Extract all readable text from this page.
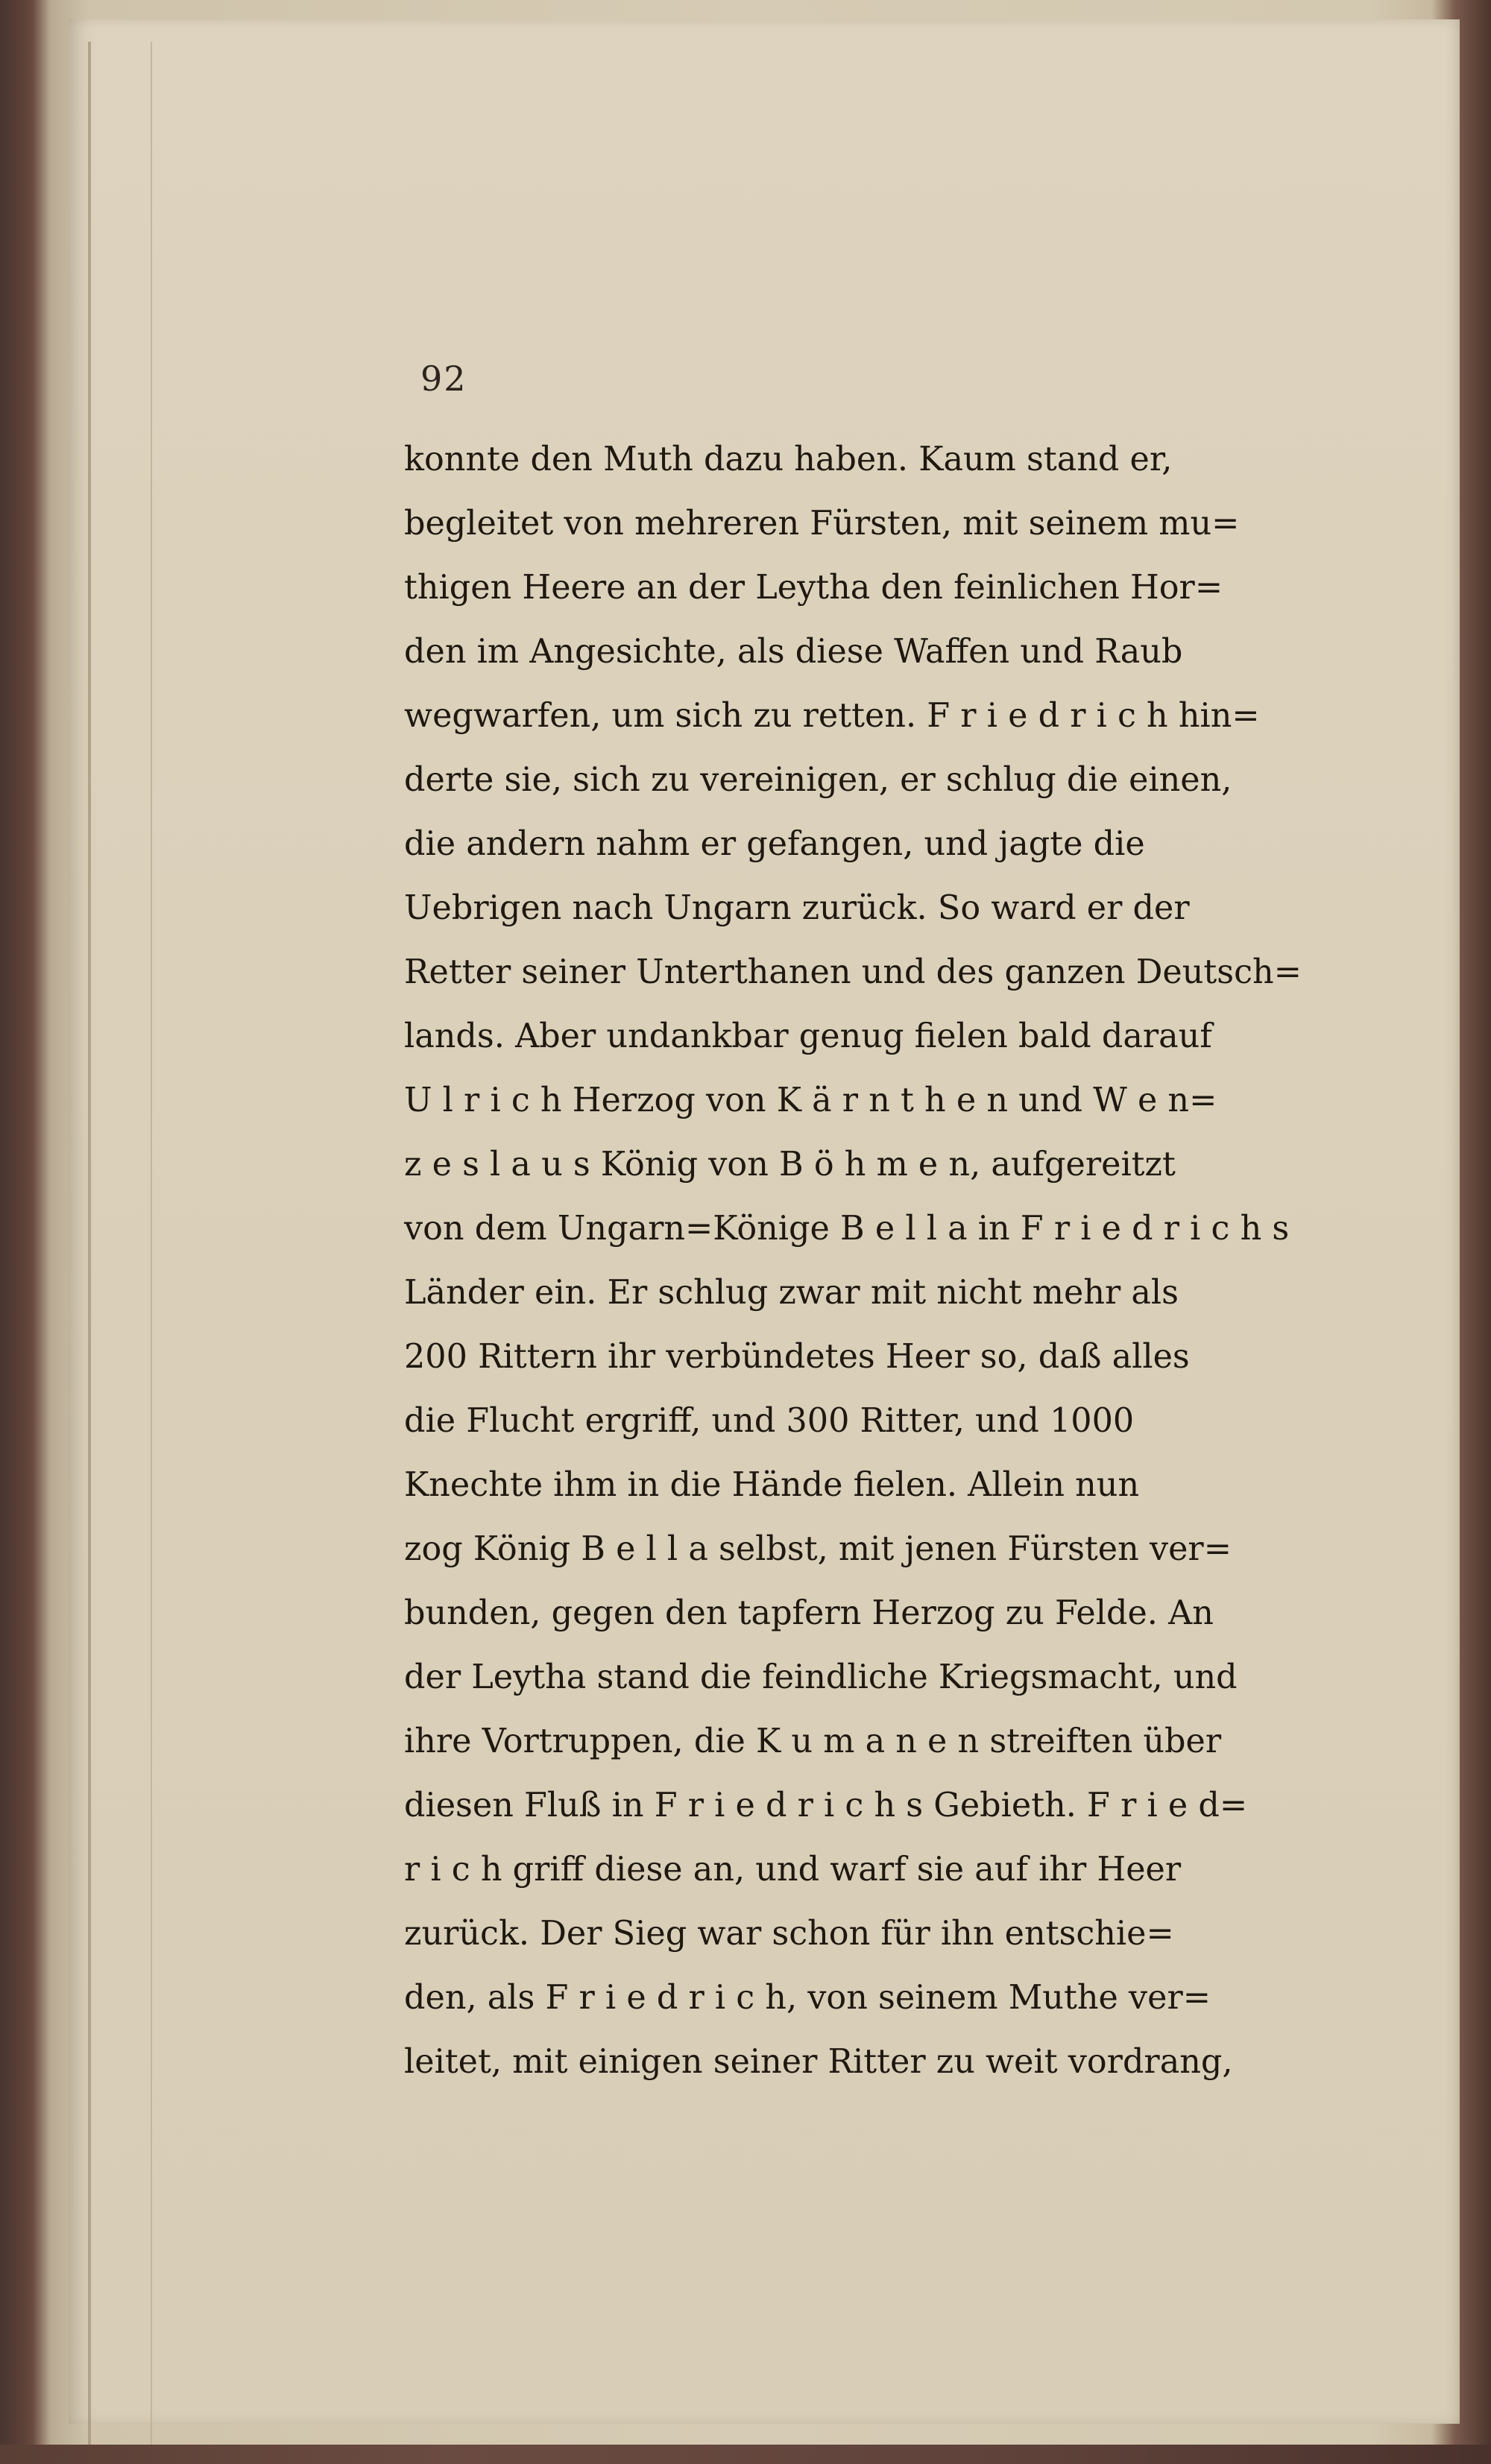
92
konnte den Muth dazu haben. Kaum stand er,
begleitet von mehreren Fürsten, mit seinem mu=
thigen Heere an der Leytha den feinlichen Hor=
den im Angesichte, als diese Waffen und Raub
wegwarfen, um sich zu retten. F r i e d r i c h hin=
derte sie, sich zu vereinigen, er schlug die einen,
die andern nahm er gefangen, und jagte die
Uebrigen nach Ungarn zurück. So ward er der
Retter seiner Unterthanen und des ganzen Deutsch=
lands. Aber undankbar genug fielen bald darauf
U l r i c h Herzog von K ä r n t h e n und W e n=
z e s l a u s König von B ö h m e n, aufgereitzt
von dem Ungarn=Könige B e l l a in F r i e d r i c h s
Länder ein. Er schlug zwar mit nicht mehr als
200 Rittern ihr verbündetes Heer so, daß alles
die Flucht ergriff, und 300 Ritter, und 1000
Knechte ihm in die Hände fielen. Allein nun
zog König B e l l a selbst, mit jenen Fürsten ver=
bunden, gegen den tapfern Herzog zu Felde. An
der Leytha stand die feindliche Kriegsmacht, und
ihre Vortruppen, die K u m a n e n streiften über
diesen Fluß in F r i e d r i c h s Gebieth. F r i e d=
r i c h griff diese an, und warf sie auf ihr Heer
zurück. Der Sieg war schon für ihn entschie=
den, als F r i e d r i c h, von seinem Muthe ver=
leitet, mit einigen seiner Ritter zu weit vordrang,
